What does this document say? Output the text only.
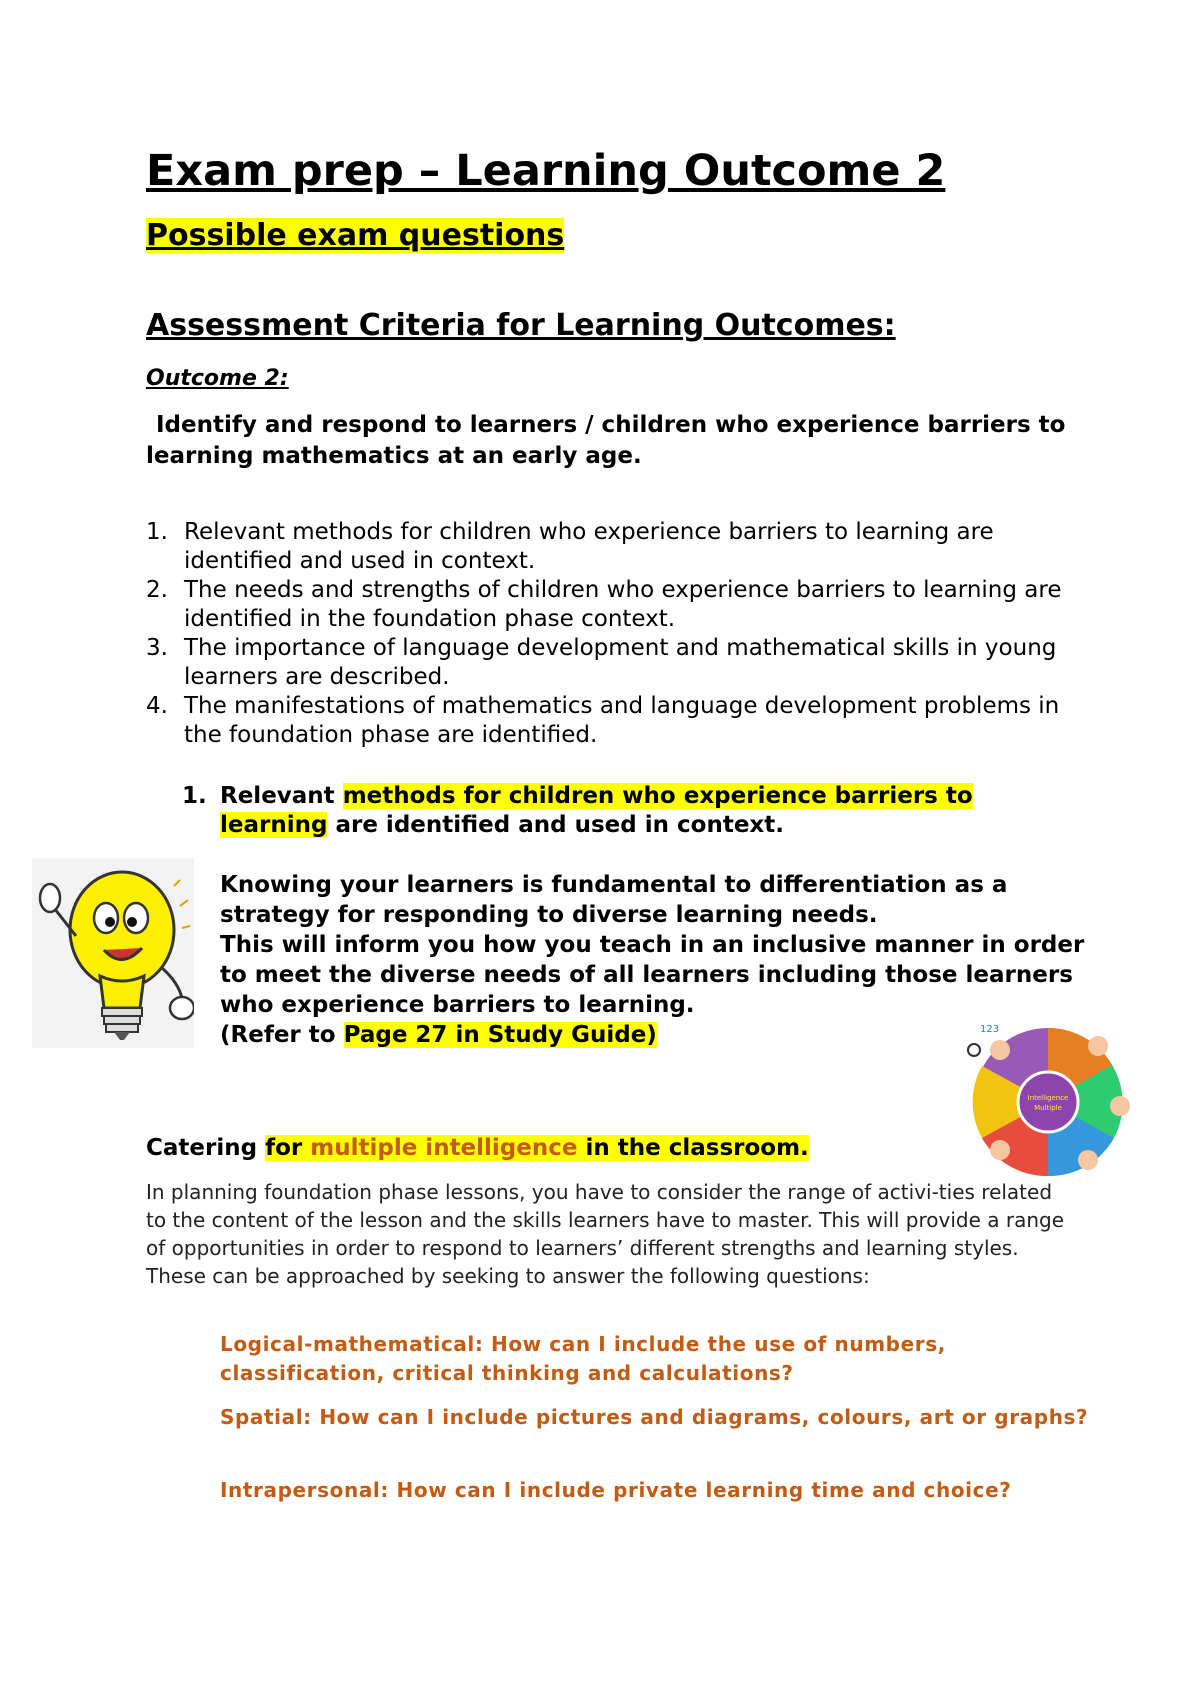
Exam prep – Learning Outcome 2
Possible exam questions
Assessment Criteria for Learning Outcomes:
Outcome 2:
Identify and respond to learners / children who experience barriers to learning mathematics at an early age.
1. Relevant methods for children who experience barriers to learning are identified and used in context.
2. The needs and strengths of children who experience barriers to learning are identified in the foundation phase context.
3. The importance of language development and mathematical skills in young learners are described.
4. The manifestations of mathematics and language development problems in the foundation phase are identified.
1. Relevant methods for children who experience barriers to learning are identified and used in context.
Knowing your learners is fundamental to differentiation as a strategy for responding to diverse learning needs.
This will inform you how you teach in an inclusive manner in order to meet the diverse needs of all learners including those learners who experience barriers to learning.
(Refer to Page 27 in Study Guide)
Intelligence
Multiple
123
Catering for multiple intelligence in the classroom.
In planning foundation phase lessons, you have to consider the range of activi-ties related to the content of the lesson and the skills learners have to master. This will provide a range of opportunities in order to respond to learners’ different strengths and learning styles. These can be approached by seeking to answer the following questions:
Logical-mathematical: How can I include the use of numbers, classification, critical thinking and calculations?
Spatial: How can I include pictures and diagrams, colours, art or graphs?
Intrapersonal: How can I include private learning time and choice?
